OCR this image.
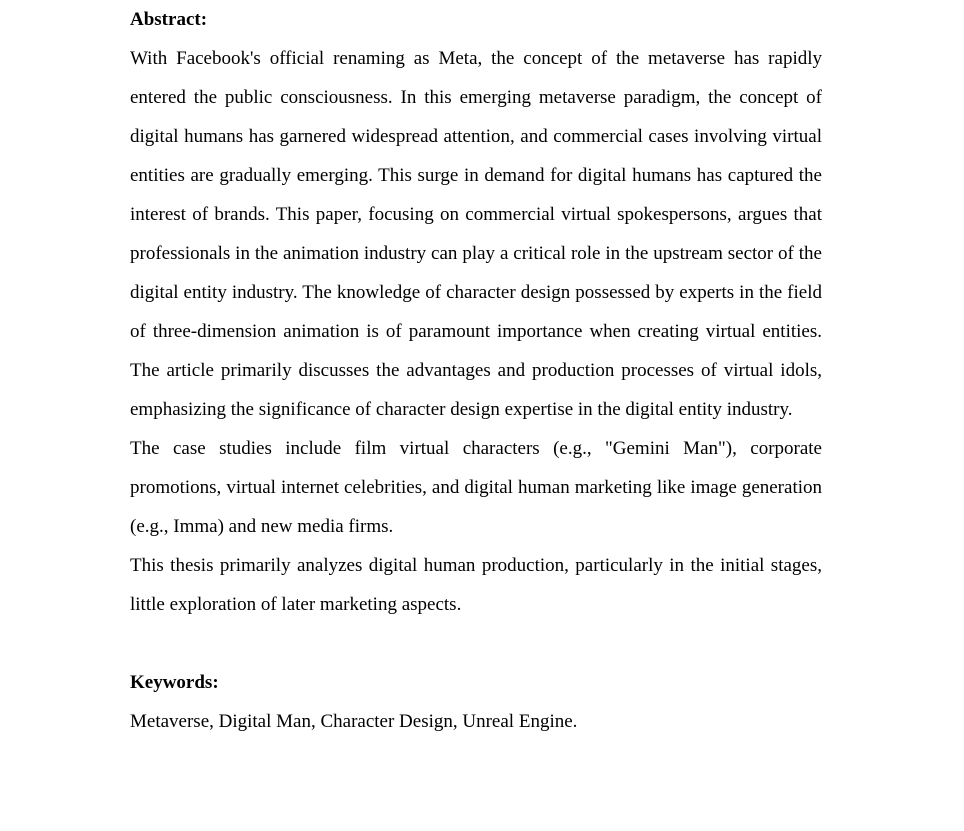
Abstract:

With Facebook's official renaming as Meta, the concept of the metaverse has rapidly entered the public consciousness. In this emerging metaverse paradigm, the concept of digital humans has garnered widespread attention, and commercial cases involving virtual entities are gradually emerging. This surge in demand for digital humans has captured the interest of brands. This paper, focusing on commercial virtual spokespersons, argues that professionals in the animation industry can play a critical role in the upstream sector of the digital entity industry. The knowledge of character design possessed by experts in the field of three-dimension animation is of paramount importance when creating virtual entities. The article primarily discusses the advantages and production processes of virtual idols, emphasizing the significance of character design expertise in the digital entity industry.

The case studies include film virtual characters (e.g., "Gemini Man"), corporate promotions, virtual internet celebrities, and digital human marketing like image generation (e.g., Imma) and new media firms.

This thesis primarily analyzes digital human production, particularly in the initial stages, little exploration of later marketing aspects.

Keywords:
Metaverse, Digital Man, Character Design, Unreal Engine.
